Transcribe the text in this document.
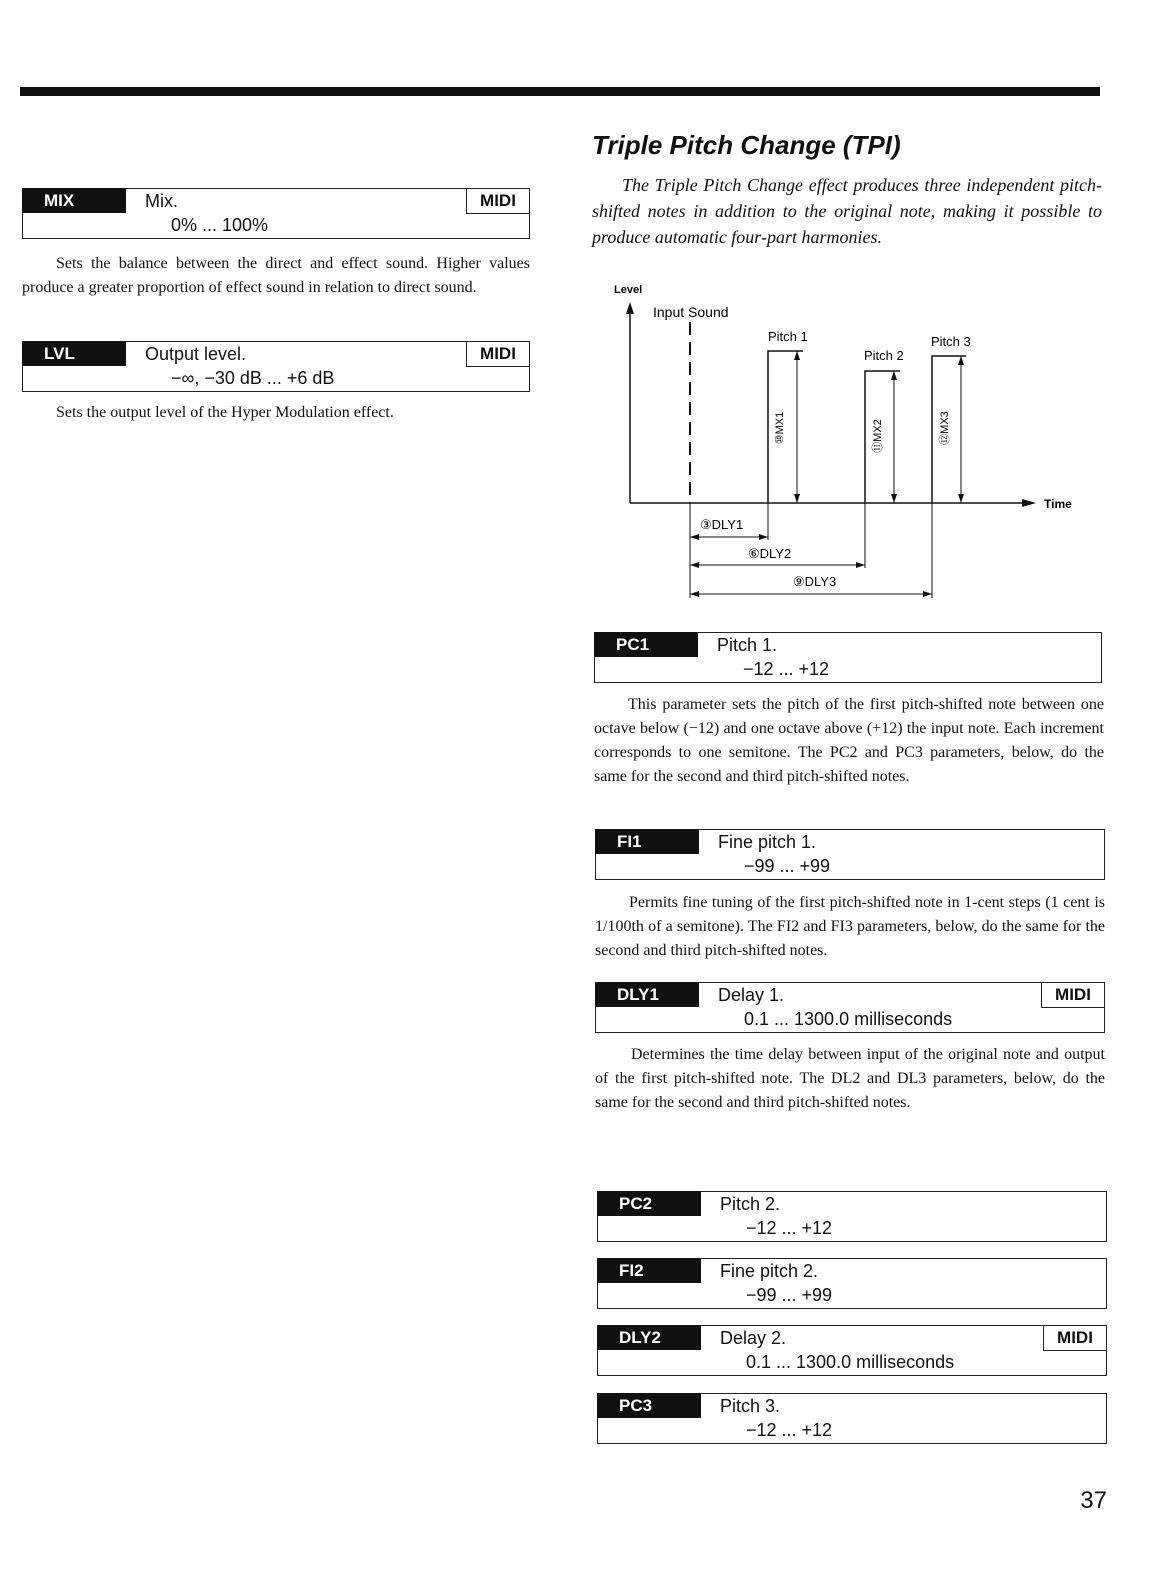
MIX	Mix.
0% ... 100%
MIDI
Sets the balance between the direct and effect sound. Higher values produce a greater proportion of effect sound in relation to direct sound.
LVL	Output level.
−∞, −30 dB ... +6 dB
MIDI
Sets the output level of the Hyper Modulation effect.
Triple Pitch Change (TPI)
The Triple Pitch Change effect produces three independent pitch-shifted notes in addition to the original note, making it possible to produce automatic four-part harmonies.
Level
Time
Input Sound
Pitch 1
⑩MX1
Pitch 2
⑪MX2
Pitch 3
⑫MX3
③DLY1
⑥DLY2
⑨DLY3
PC1	Pitch 1.
−12 ... +12
This parameter sets the pitch of the first pitch-shifted note between one octave below (−12) and one octave above (+12) the input note. Each increment corresponds to one semitone. The PC2 and PC3 parameters, below, do the same for the second and third pitch-shifted notes.
FI1	Fine pitch 1.
−99 ... +99
Permits fine tuning of the first pitch-shifted note in 1-cent steps (1 cent is 1/100th of a semitone). The FI2 and FI3 parameters, below, do the same for the second and third pitch-shifted notes.
DLY1	Delay 1.
0.1 ... 1300.0 milliseconds
MIDI
Determines the time delay between input of the original note and output of the first pitch-shifted note. The DL2 and DL3 parameters, below, do the same for the second and third pitch-shifted notes.
PC2	Pitch 2.
−12 ... +12
FI2	Fine pitch 2.
−99 ... +99
DLY2	Delay 2.
0.1 ... 1300.0 milliseconds
MIDI
PC3	Pitch 3.
−12 ... +12
37
